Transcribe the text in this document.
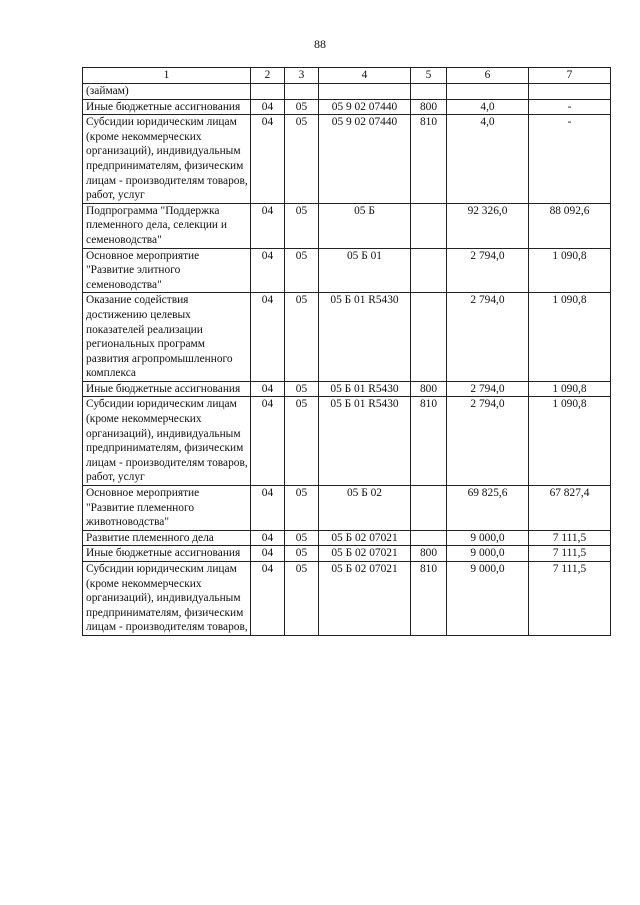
88
1	2	3	4	5	6	7
(займам)						
Иные бюджетные ассигнования	04	05	05 9 02 07440	800	4,0	-
Субсидии юридическим лицам (кроме некоммерческих организаций), индивидуальным предпринимателям, физическим лицам - производителям товаров, работ, услуг	04	05	05 9 02 07440	810	4,0	-
Подпрограмма "Поддержка племенного дела, селекции и семеноводства"	04	05	05 Б		92 326,0	88 092,6
Основное мероприятие "Развитие элитного семеноводства"	04	05	05 Б 01		2 794,0	1 090,8
Оказание содействия достижению целевых показателей реализации региональных программ развития агропромышленного комплекса	04	05	05 Б 01 R5430		2 794,0	1 090,8
Иные бюджетные ассигнования	04	05	05 Б 01 R5430	800	2 794,0	1 090,8
Субсидии юридическим лицам (кроме некоммерческих организаций), индивидуальным предпринимателям, физическим лицам - производителям товаров, работ, услуг	04	05	05 Б 01 R5430	810	2 794,0	1 090,8
Основное мероприятие "Развитие племенного животноводства"	04	05	05 Б 02		69 825,6	67 827,4
Развитие племенного дела	04	05	05 Б 02 07021		9 000,0	7 111,5
Иные бюджетные ассигнования	04	05	05 Б 02 07021	800	9 000,0	7 111,5
Субсидии юридическим лицам (кроме некоммерческих организаций), индивидуальным предпринимателям, физическим лицам - производителям товаров,	04	05	05 Б 02 07021	810	9 000,0	7 111,5
